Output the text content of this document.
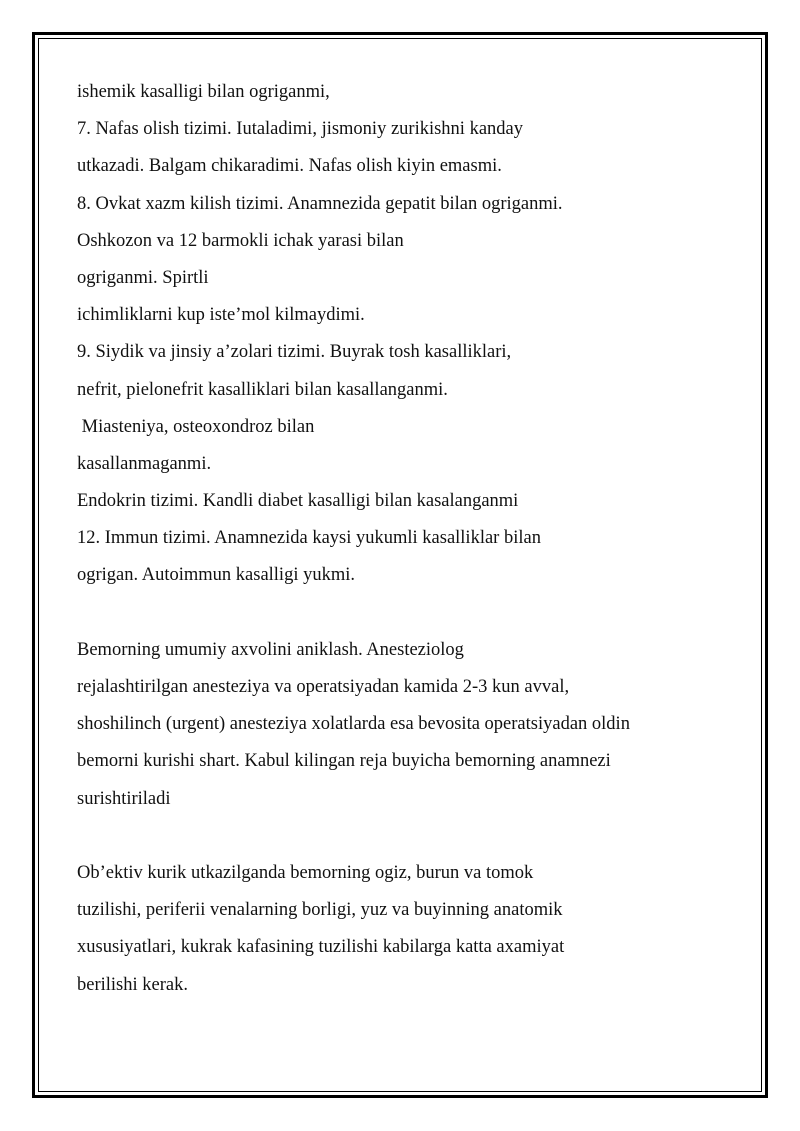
ishemik kasalligi bilan ogriganmi,

7. Nafas olish tizimi. Iutaladimi, jismoniy zurikishni kanday

utkazadi. Balgam chikaradimi. Nafas olish kiyin emasmi.

8. Ovkat xazm kilish tizimi. Anamnezida gepatit bilan ogriganmi.

Oshkozon va 12 barmokli ichak yarasi bilan

ogriganmi. Spirtli

ichimliklarni kup iste’mol kilmaydimi.

9. Siydik va jinsiy a’zolari tizimi. Buyrak tosh kasalliklari,

nefrit, pielonefrit kasalliklari bilan kasallanganmi.

Miasteniya, osteoxondroz bilan

kasallanmaganmi.

Endokrin tizimi. Kandli diabet kasalligi bilan kasalanganmi

12. Immun tizimi. Anamnezida kaysi yukumli kasalliklar bilan

ogrigan. Autoimmun kasalligi yukmi.

Bemorning umumiy axvolini aniklash. Anesteziolog

rejalashtirilgan anesteziya va operatsiyadan kamida 2-3 kun avval,

shoshilinch (urgent) anesteziya xolatlarda esa bevosita operatsiyadan oldin

bemorni kurishi shart. Kabul kilingan reja buyicha bemorning anamnezi

surishtiriladi

Ob’ektiv kurik utkazilganda bemorning ogiz, burun va tomok

tuzilishi, periferii venalarning borligi, yuz va buyinning anatomik

xususiyatlari, kukrak kafasining tuzilishi kabilarga katta axamiyat

berilishi kerak.
